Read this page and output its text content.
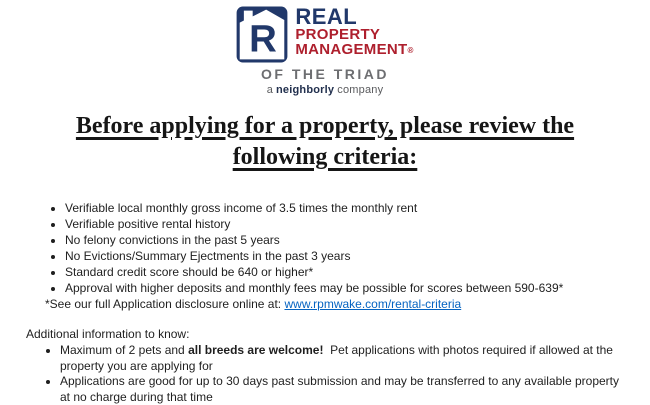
R
REAL
PROPERTY
MANAGEMENT®
OF THE TRIAD
a neighborly company
Before applying for a property, please review the
following criteria:
• Verifiable local monthly gross income of 3.5 times the monthly rent
• Verifiable positive rental history
• No felony convictions in the past 5 years
• No Evictions/Summary Ejectments in the past 3 years
• Standard credit score should be 640 or higher*
• Approval with higher deposits and monthly fees may be possible for scores between 590-639*
*See our full Application disclosure online at: www.rpmwake.com/rental-criteria
Additional information to know:
• Maximum of 2 pets and all breeds are welcome!  Pet applications with photos required if allowed at the property you are applying for
• Applications are good for up to 30 days past submission and may be transferred to any available property at no charge during that time
